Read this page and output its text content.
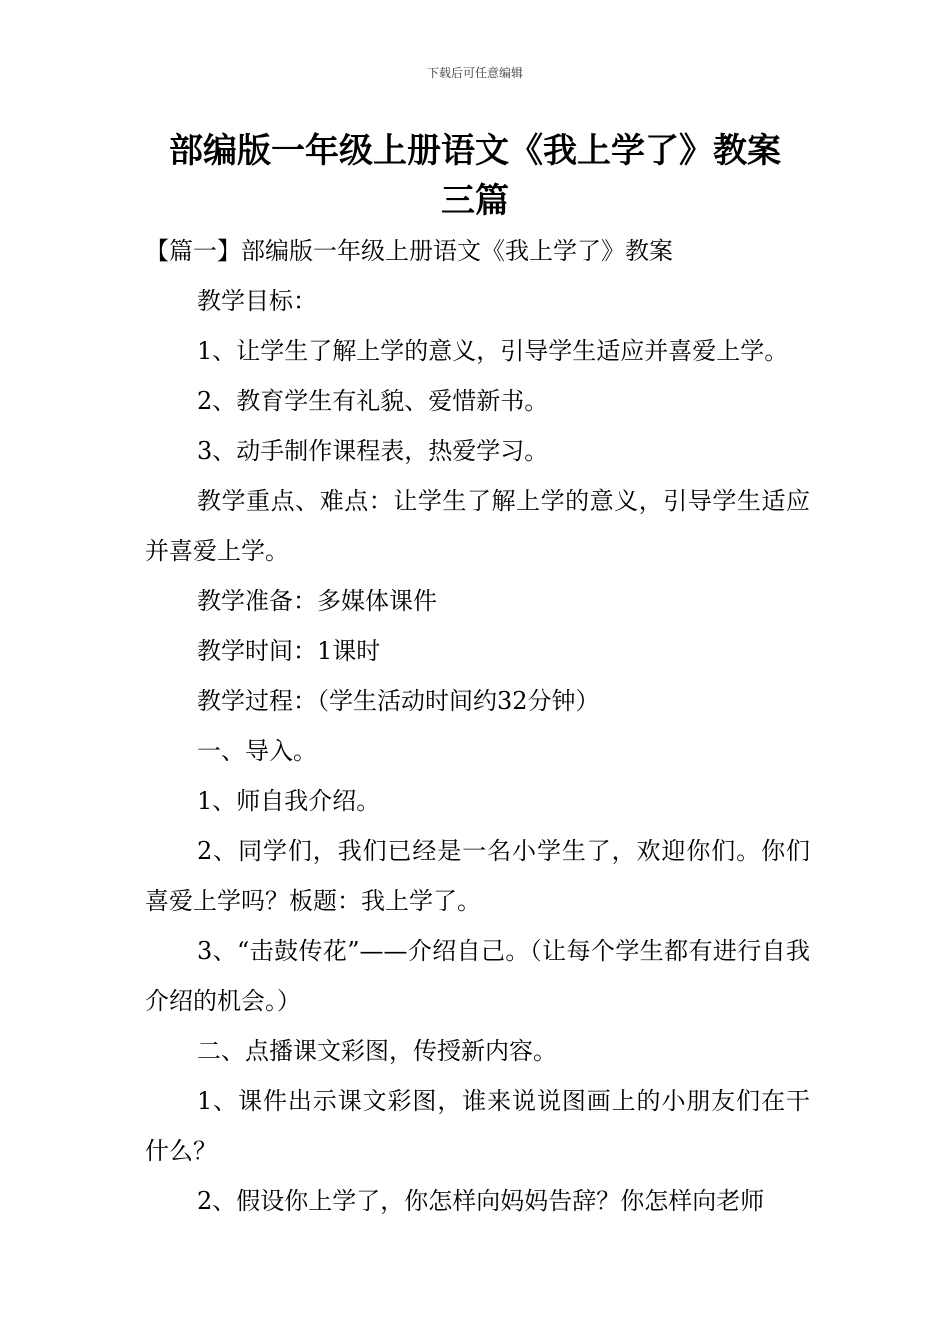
下载后可任意编辑
部编版一年级上册语文《我上学了》教案
三篇

【篇一】部编版一年级上册语文《我上学了》教案

教学目标：

1、让学生了解上学的意义，引导学生适应并喜爱上学。

2、教育学生有礼貌、爱惜新书。

3、动手制作课程表，热爱学习。

教学重点、难点：让学生了解上学的意义，引导学生适应并喜爱上学。

教学准备：多媒体课件

教学时间：1课时

教学过程：（学生活动时间约32分钟）

一、导入。

1、师自我介绍。

2、同学们，我们已经是一名小学生了，欢迎你们。你们喜爱上学吗？板题：我上学了。

3、“击鼓传花”——介绍自己。（让每个学生都有进行自我介绍的机会。）

二、点播课文彩图，传授新内容。

1、课件出示课文彩图，谁来说说图画上的小朋友们在干什么？

2、假设你上学了，你怎样向妈妈告辞？你怎样向老师
